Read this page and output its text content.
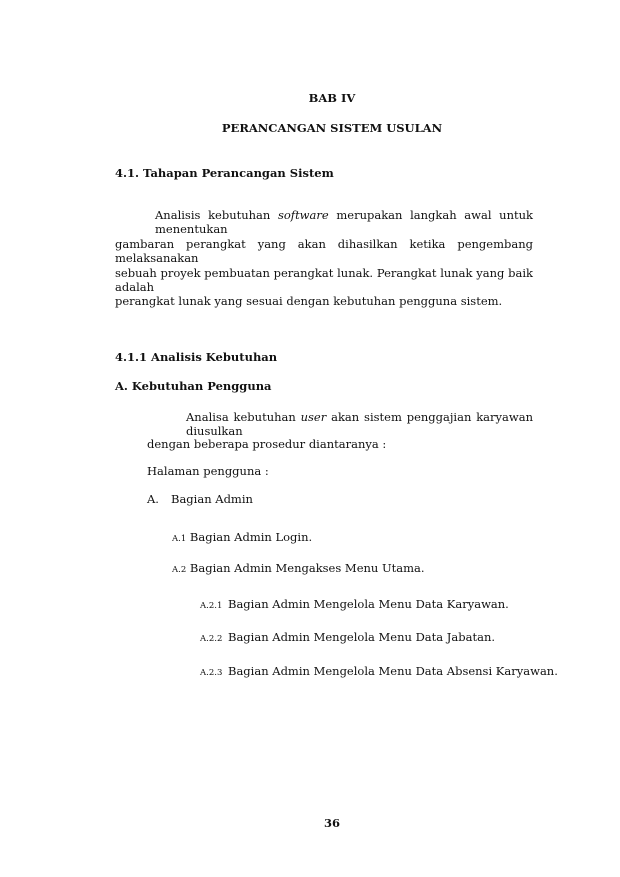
BAB IV

PERANCANGAN SISTEM USULAN

4.1. Tahapan Perancangan Sistem

Analisis kebutuhan software merupakan langkah awal untuk menentukan

gambaran perangkat yang akan dihasilkan ketika pengembang melaksanakan

sebuah proyek pembuatan perangkat lunak. Perangkat lunak yang baik adalah

perangkat lunak yang sesuai dengan kebutuhan pengguna sistem.

4.1.1 Analisis Kebutuhan

A. Kebutuhan Pengguna

Analisa kebutuhan user akan sistem penggajian karyawan diusulkan

dengan beberapa prosedur diantaranya :

Halaman pengguna :

A. Bagian Admin

A.1 Bagian Admin Login.

A.2 Bagian Admin Mengakses Menu Utama.

A.2.1 Bagian Admin Mengelola Menu Data Karyawan.

A.2.2 Bagian Admin Mengelola Menu Data Jabatan.

A.2.3 Bagian Admin Mengelola Menu Data Absensi Karyawan.

36
